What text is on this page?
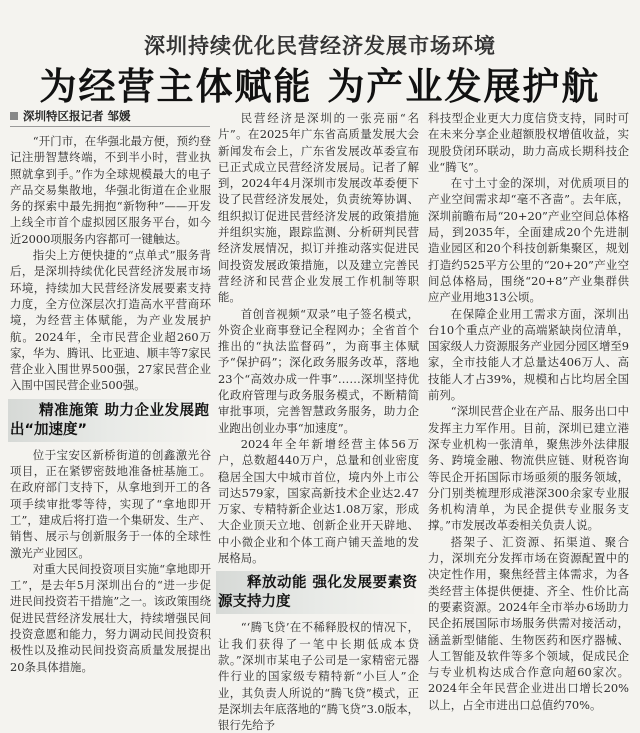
深圳持续优化民营经济发展市场环境
为经营主体赋能 为产业发展护航
深圳特区报记者 邹媛

“开门市，在华强北最方便，预约登记注册智慧终端，不到半小时，营业执照就拿到手。”作为全球规模最大的电子产品交易集散地，华强北街道在企业服务的探索中最先拥抱“新物种”——开发上线全市首个虚拟园区服务平台，如今近2000项服务内容都可一键触达。

指尖上方便快捷的“点单式”服务背后，是深圳持续优化民营经济发展市场环境，持续加大民营经济发展要素支持力度，全方位深层次打造高水平营商环境，为经营主体赋能，为产业发展护航。2024年，全市民营企业超260万家，华为、腾讯、比亚迪、顺丰等7家民营企业入围世界500强，27家民营企业入围中国民营企业500强。

精准施策 助力企业发展跑出“加速度”

位于宝安区新桥街道的创鑫激光谷项目，正在紧锣密鼓地准备桩基施工。在政府部门支持下，从拿地到开工的各项手续审批零等待，实现了“拿地即开工”，建成后将打造一个集研发、生产、销售、展示与创新服务于一体的全球性激光产业园区。

对重大民间投资项目实施“拿地即开工”，是去年5月深圳出台的“进一步促进民间投资若干措施”之一。该政策围绕促进民营经济发展壮大，持续增强民间投资意愿和能力，努力调动民间投资积极性以及推动民间投资高质量发展提出20条具体措施。

民营经济是深圳的一张亮丽“名片”。在2025年广东省高质量发展大会新闻发布会上，广东省发展改革委宣布已正式成立民营经济发展局。记者了解到，2024年4月深圳市发展改革委便下设了民营经济发展处，负责统筹协调、组织拟订促进民营经济发展的政策措施并组织实施，跟踪监测、分析研判民营经济发展情况，拟订并推动落实促进民间投资发展政策措施，以及建立完善民营经济和民营企业发展工作机制等职能。

首创音视频“双录”电子签名模式，外资企业商事登记全程网办；全省首个推出的“执法监督码”，为商事主体赋予“保护码”；深化政务服务改革，落地23个“高效办成一件事”……深圳坚持优化政府管理与政务服务模式，不断精简审批事项，完善智慧政务服务，助力企业跑出创业办事“加速度”。

2024年全年新增经营主体56万户，总数超440万户，总量和创业密度稳居全国大中城市首位，境内外上市公司达579家，国家高新技术企业达2.47万家、专精特新企业达1.08万家，形成大企业顶天立地、创新企业开天辟地、中小微企业和个体工商户铺天盖地的发展格局。

释放动能 强化发展要素资源支持力度

“‘腾飞贷’在不稀释股权的情况下，让我们获得了一笔中长期低成本贷款。”深圳市某电子公司是一家精密元器件行业的国家级专精特新“小巨人”企业，其负责人所说的“腾飞贷”模式，正是深圳去年底落地的“腾飞贷”3.0版本，银行先给予

科技型企业更大力度信贷支持，同时可在未来分享企业超额股权增值收益，实现股贷闭环联动，助力高成长期科技企业“腾飞”。

在寸土寸金的深圳，对优质项目的产业空间需求却“毫不吝啬”。去年底，深圳前瞻布局“20+20”产业空间总体格局，到2035年，全面建成20个先进制造业园区和20个科技创新集聚区，规划打造约525平方公里的“20+20”产业空间总体格局，围绕“20+8”产业集群供应产业用地313公顷。

在保障企业用工需求方面，深圳出台10个重点产业的高端紧缺岗位清单，国家级人力资源服务产业园分园区增至9家，全市技能人才总量达406万人、高技能人才占39%，规模和占比均居全国前列。

“深圳民营企业在产品、服务出口中发挥主力军作用。目前，深圳已建立港深专业机构一张清单，聚焦涉外法律服务、跨境金融、物流供应链、财税咨询等民企开拓国际市场亟须的服务领域，分门别类梳理形成港深300余家专业服务机构清单，为民企提供专业服务支撑。”市发展改革委相关负责人说。

搭架子、汇资源、拓渠道、聚合力，深圳充分发挥市场在资源配置中的决定性作用，聚焦经营主体需求，为各类经营主体提供便捷、齐全、性价比高的要素资源。2024年全市举办6场助力民企拓展国际市场服务供需对接活动，涵盖新型储能、生物医药和医疗器械、人工智能及软件等多个领域，促成民企与专业机构达成合作意向超60家次。2024年全年民营企业进出口增长20%以上，占全市进出口总值约70%。
